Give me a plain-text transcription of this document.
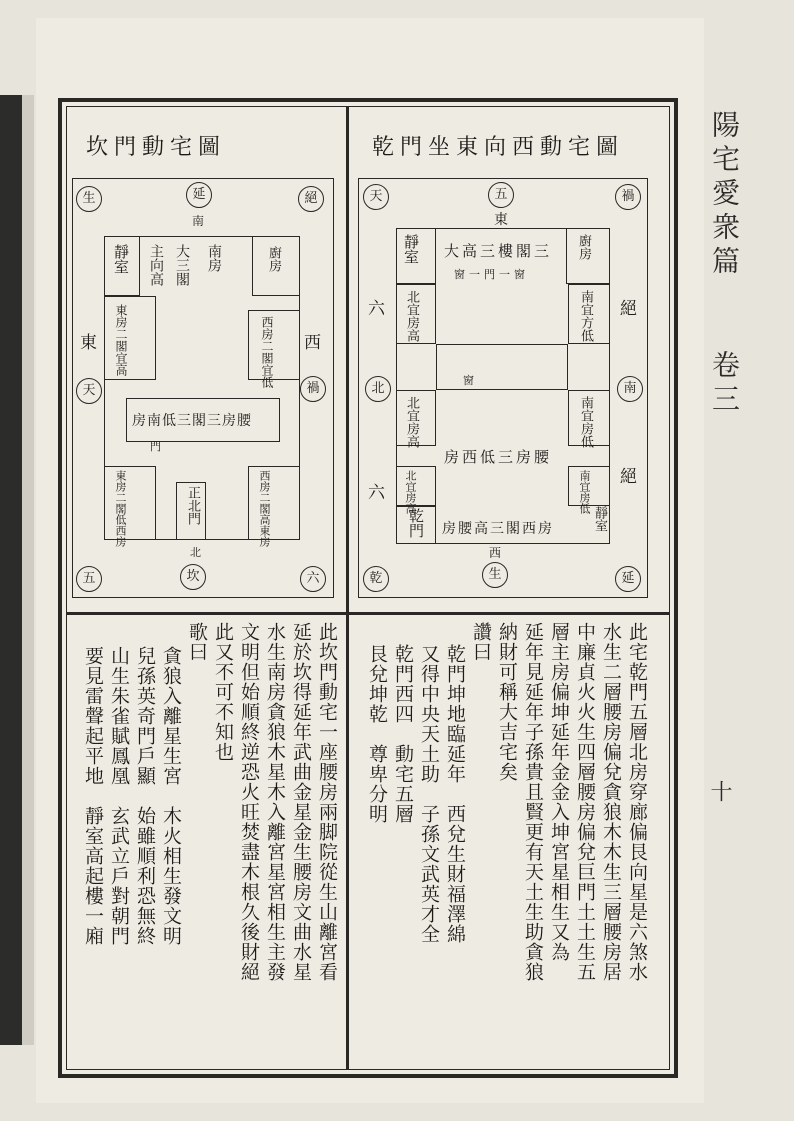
陽宅愛衆篇
卷三
十
乾門坐東向西動宅圖
天	五	禍
乾	生	延
六
北
六
絕
南
絕
東
西
靜室	廚房
大高三樓閣三
窗一門一窗
北宜房高	南宜方低
窗
北宜房高	南宜房低
房西低三房腰
北宜房高	南宜房低
乾門 房腰高三閣西房	靜室
坎門動宅圖
生	延	絕
五	坎	六
東
天
西
禍
南
北
靜室 主向高 大三閣 南房	廚房
東房二閣宜高	西房二閣宜低
房南低三閣三房腰
門
東房二閣低西房	西房二閣高東房
正北門
此宅乾門五層北房穿廊偏艮向星是六煞水
水生二層腰房偏兌貪狼木木生三層腰房居
中廉貞火火生四層腰房偏兌巨門土土生五
層主房偏坤延年金金入坤宮星相生又為
延年見延年子孫貴且賢更有天土生助貪狼
納財可稱大吉宅矣
讚曰
乾門坤地臨延年　西兌生財福澤綿
又得中央天土助　子孫文武英才全
乾門西四　動宅五層
艮兌坤乾　尊卑分明
此坎門動宅一座腰房兩脚院從生山離宮看
延於坎得延年武曲金星金生腰房文曲水星
水生南房貪狼木星木入離宮星宮相生主發
文明但始順終逆恐火旺焚盡木根久後財絕
此又不可不知也
歌曰
貪狼入離星生宮　木火相生發文明
兒孫英奇門戶顯　始雖順利恐無終
山生朱雀賦鳳凰　玄武立戶對朝門
要見雷聲起平地　靜室高起樓一廂
